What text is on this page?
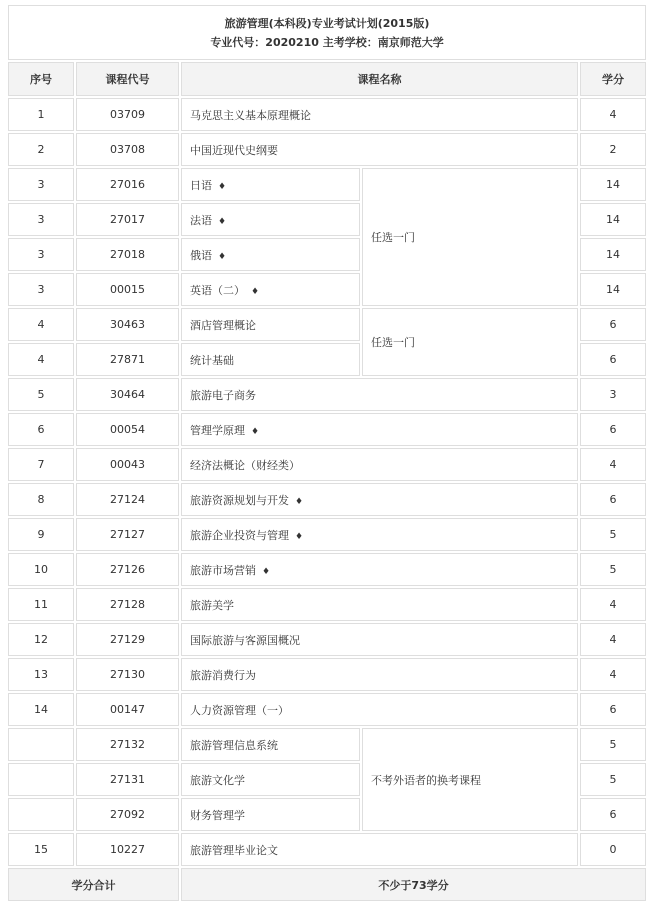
旅游管理(本科段)专业考试计划(2015版)
专业代号：2020210 主考学校：南京师范大学				

序号	课程代号	课程名称		学分
1	03709	马克思主义基本原理概论		4
2	03708	中国近现代史纲要		2
3	27016	日语 ♦	任选一门	14
3	27017	法语 ♦		14
3	27018	俄语 ♦		14
3	00015	英语（二） ♦		14
4	30463	酒店管理概论	任选一门	6
4	27871	统计基础		6
5	30464	旅游电子商务		3
6	00054	管理学原理 ♦		6
7	00043	经济法概论（财经类）		4
8	27124	旅游资源规划与开发 ♦		6
9	27127	旅游企业投资与管理 ♦		5
10	27126	旅游市场营销 ♦		5
11	27128	旅游美学		4
12	27129	国际旅游与客源国概况		4
13	27130	旅游消费行为		4
14	00147	人力资源管理（一）		6
	27132	旅游管理信息系统	不考外语者的换考课程	5
	27131	旅游文化学		5
	27092	财务管理学		6
15	10227	旅游管理毕业论文		0
学分合计		不少于73学分		
